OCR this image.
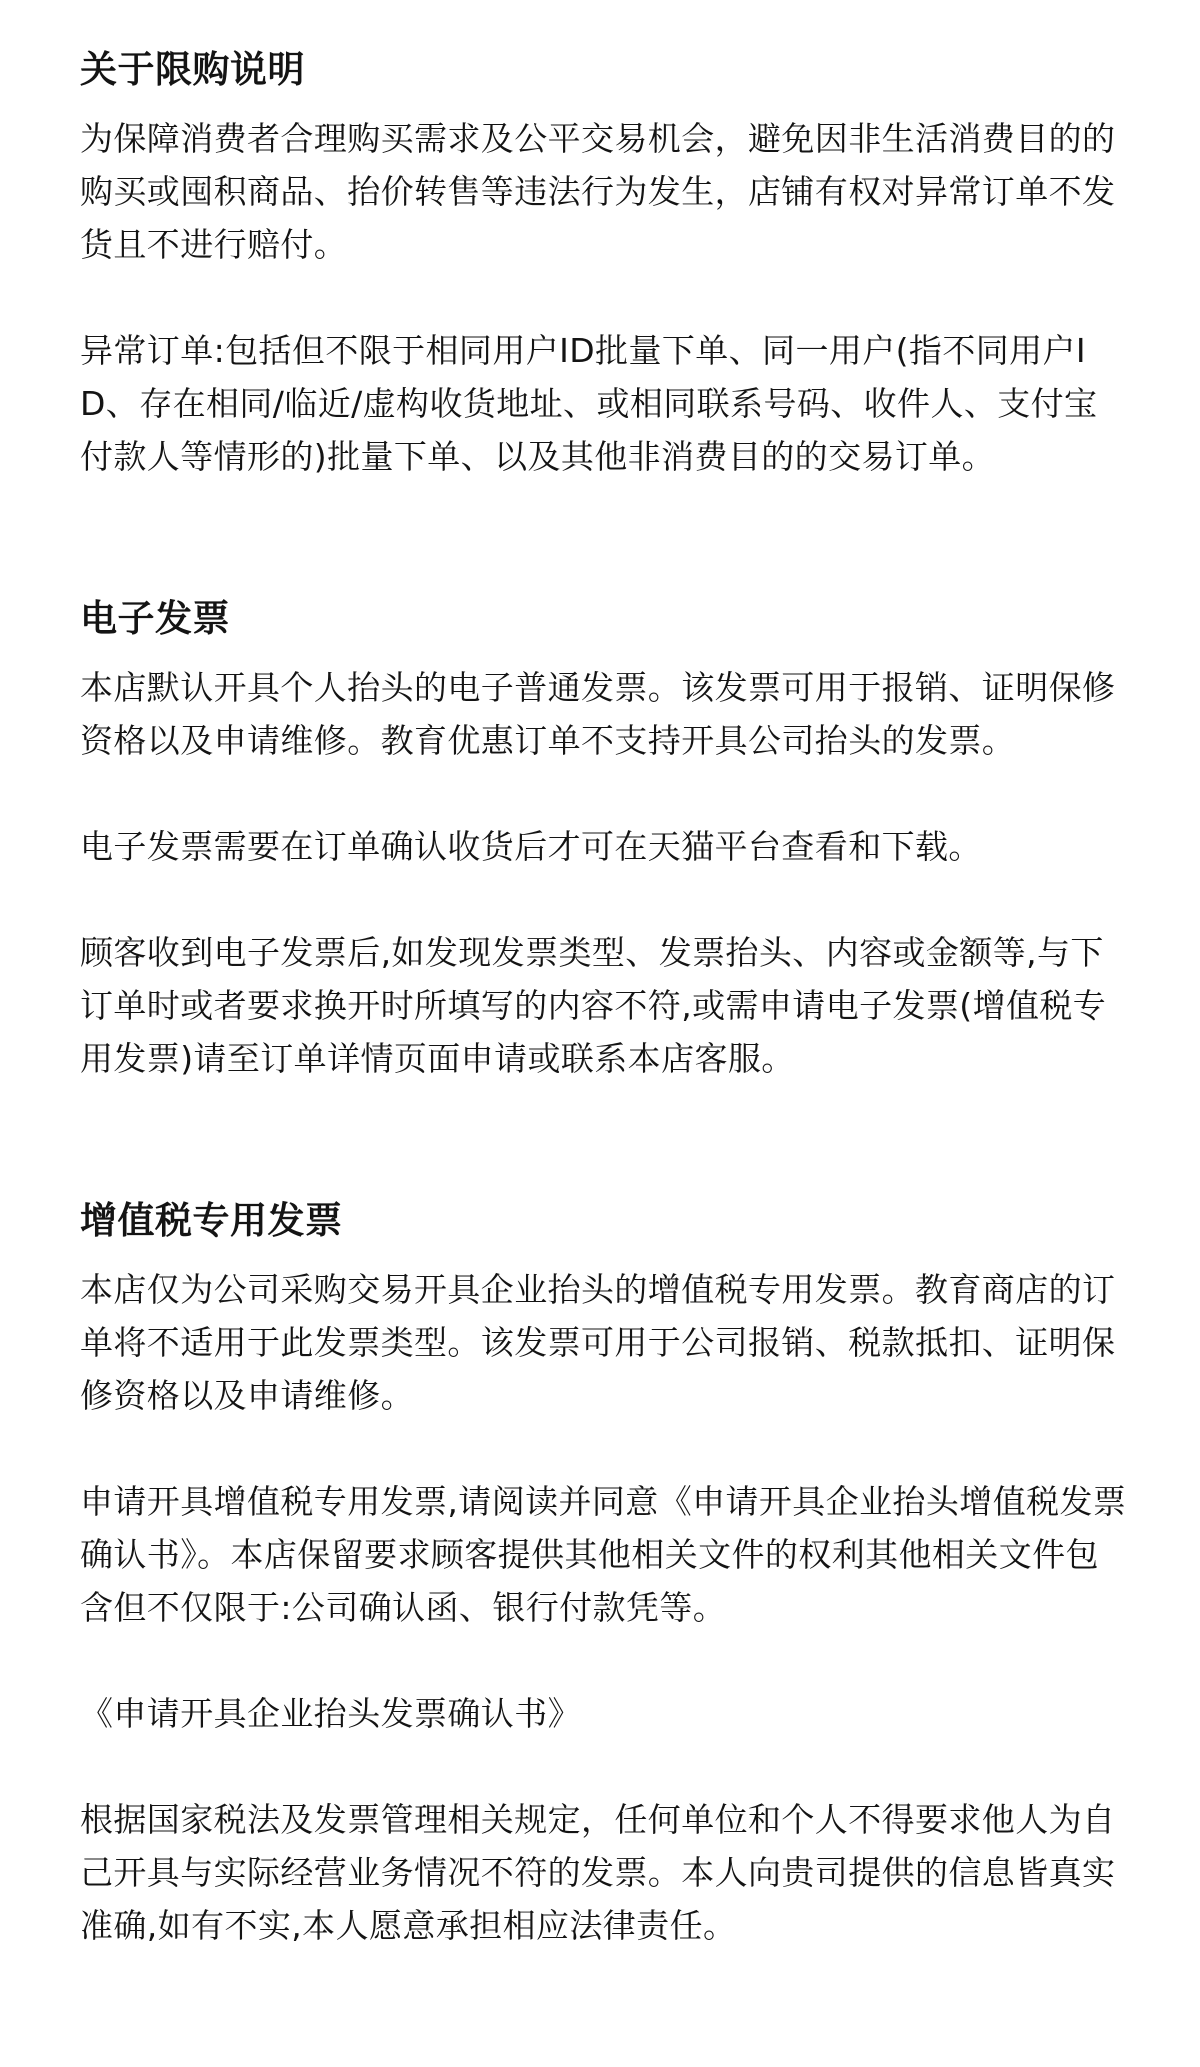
关于限购说明

为保障消费者合理购买需求及公平交易机会，避免因非生活消费目的的购买或囤积商品、抬价转售等违法行为发生，店铺有权对异常订单不发货且不进行赔付。

异常订单:包括但不限于相同用户ID批量下单、同一用户(指不同用户ID、存在相同/临近/虚构收货地址、或相同联系号码、收件人、支付宝付款人等情形的)批量下单、以及其他非消费目的的交易订单。

电子发票

本店默认开具个人抬头的电子普通发票。该发票可用于报销、证明保修资格以及申请维修。教育优惠订单不支持开具公司抬头的发票。

电子发票需要在订单确认收货后才可在天猫平台查看和下载。

顾客收到电子发票后,如发现发票类型、发票抬头、内容或金额等,与下订单时或者要求换开时所填写的内容不符,或需申请电子发票(增值税专用发票)请至订单详情页面申请或联系本店客服。

增值税专用发票

本店仅为公司采购交易开具企业抬头的增值税专用发票。教育商店的订单将不适用于此发票类型。该发票可用于公司报销、税款抵扣、证明保修资格以及申请维修。

申请开具增值税专用发票,请阅读并同意《申请开具企业抬头增值税发票确认书》。本店保留要求顾客提供其他相关文件的权利其他相关文件包含但不仅限于:公司确认函、银行付款凭等。

《申请开具企业抬头发票确认书》

根据国家税法及发票管理相关规定，任何单位和个人不得要求他人为自己开具与实际经营业务情况不符的发票。本人向贵司提供的信息皆真实准确,如有不实,本人愿意承担相应法律责任。
